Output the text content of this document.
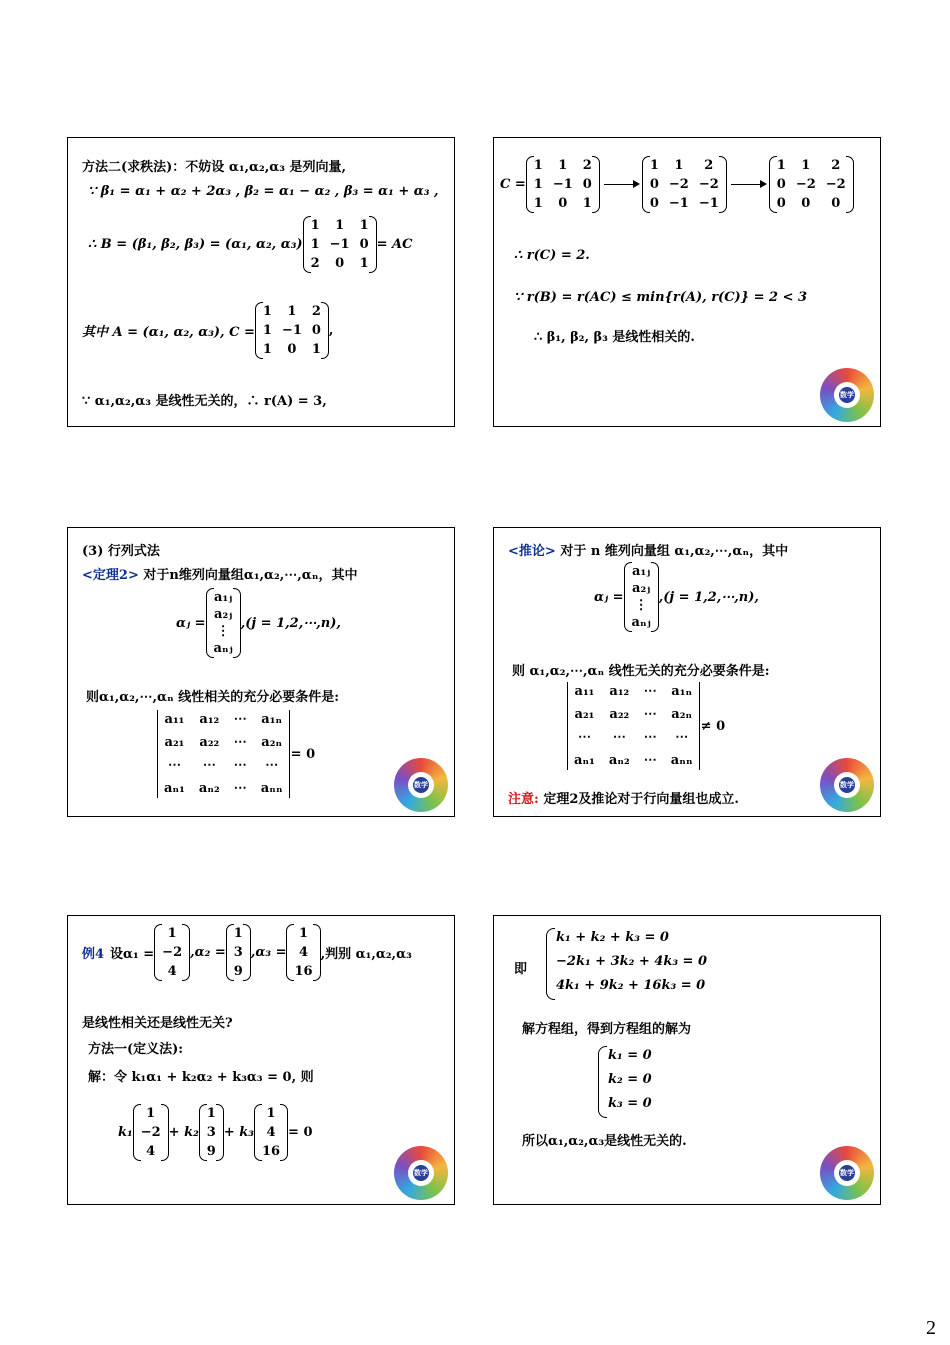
方法二(求秩法)：不妨设 α₁,α₂,α₃ 是列向量,
∵ β₁ = α₁ + α₂ + 2α₃ , β₂ = α₁ − α₂ , β₃ = α₁ + α₃ ,
∴ B = (β₁, β₂, β₃) = (α₁, α₂, α₃)
1	1	1
1 −1 0
2	0	1
= AC
其中 A = (α₁, α₂, α₃), C =
1	1	2
1 −1 0
1	0	1
,
∵ α₁,α₂,α₃ 是线性无关的，∴ r(A) = 3,
C =
1	1	2
1 −1 0
1	0	1
1	1	2
0 −2 −2
0 −1 −1
1	1	2
0 −2 −2
0	0	0
∴ r(C) = 2.
∵ r(B) = r(AC) ≤ min{r(A), r(C)} = 2 < 3
∴ β₁, β₂, β₃ 是线性相关的.
数学
(3) 行列式法
<定理2> 对于n维列向量组α₁,α₂,⋯,αₙ，其中
αⱼ =
a₁ⱼ
a₂ⱼ
⋮
aₙⱼ
,(j = 1,2,⋯,n),
则α₁,α₂,⋯,αₙ 线性相关的充分必要条件是:
a₁₁ a₁₂ ⋯ a₁ₙ
a₂₁ a₂₂ ⋯ a₂ₙ
⋯	⋯	⋯	⋯
aₙ₁ aₙ₂ ⋯ aₙₙ
= 0
数学
<推论> 对于 n 维列向量组 α₁,α₂,⋯,αₙ，其中
αⱼ =
a₁ⱼ
a₂ⱼ
⋮
aₙⱼ
,(j = 1,2,⋯,n),
则 α₁,α₂,⋯,αₙ 线性无关的充分必要条件是:
a₁₁ a₁₂ ⋯ a₁ₙ
a₂₁ a₂₂ ⋯ a₂ₙ
⋯	⋯	⋯	⋯
aₙ₁ aₙ₂ ⋯ aₙₙ
≠ 0
注意: 定理2及推论对于行向量组也成立.
数学
例4 设α₁ =
1
−2
4
,α₂ =
1
3
9
,α₃ =
1
4
16
,判别 α₁,α₂,α₃
是线性相关还是线性无关?
方法一(定义法):
解：令 k₁α₁ + k₂α₂ + k₃α₃ = 0, 则
k₁
1
−2
4
+ k₂
1
3
9
+ k₃
1
4
16
= 0
数学
即
k₁ + k₂ + k₃ = 0
−2k₁ + 3k₂ + 4k₃ = 0
4k₁ + 9k₂ + 16k₃ = 0
解方程组，得到方程组的解为
k₁ = 0
k₂ = 0
k₃ = 0
所以α₁,α₂,α₃是线性无关的.
数学
2
